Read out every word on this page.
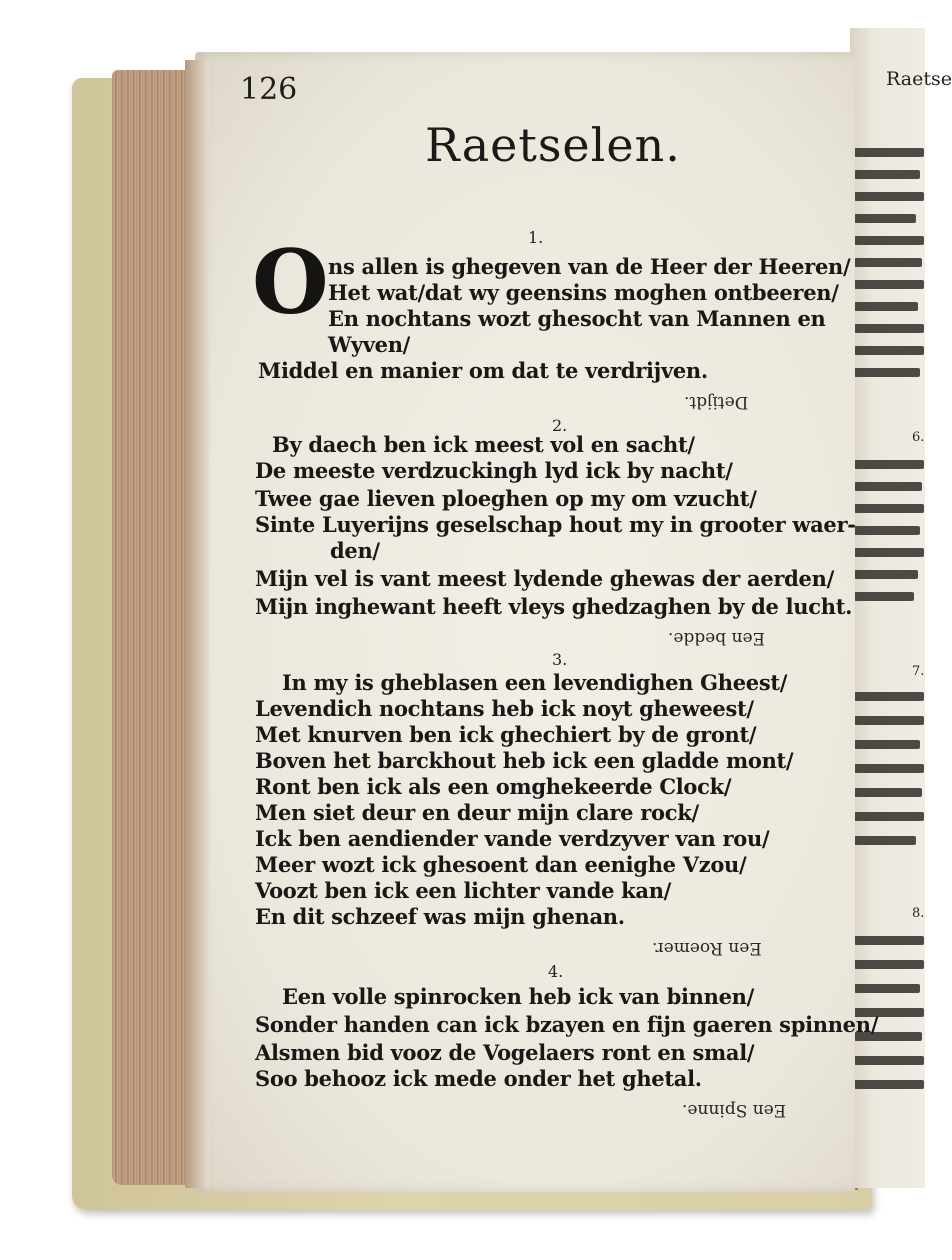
Raetse
6.
7.
8.
126
Raetselen.
1.
O ns allen is ghegeven van de Heer der Heeren/
Het wat/dat wy geensins moghen ontbeeren/
En nochtans wozt ghesocht van Mannen en
Wyven/
Middel en manier om dat te verdrijven.
Detijdt.
2.
By daech ben ick meest vol en sacht/
De meeste verdzuckingh lyd ick by nacht/
Twee gae lieven ploeghen op my om vzucht/
Sinte Luyerijns geselschap hout my in grooter waer-
den/
Mijn vel is vant meest lydende ghewas der aerden/
Mijn inghewant heeft vleys ghedzaghen by de lucht.
Een bedde.
3.
In my is gheblasen een levendighen Gheest/
Levendich nochtans heb ick noyt gheweest/
Met knurven ben ick ghechiert by de gront/
Boven het barckhout heb ick een gladde mont/
Ront ben ick als een omghekeerde Clock/
Men siet deur en deur mijn clare rock/
Ick ben aendiender vande verdzyver van rou/
Meer wozt ick ghesoent dan eenighe Vzou/
Voozt ben ick een lichter vande kan/
En dit schzeef was mijn ghenan.
Een Roemer.
4.
Een volle spinrocken heb ick van binnen/
Sonder handen can ick bzayen en fijn gaeren spinnen/
Alsmen bid vooz de Vogelaers ront en smal/
Soo behooz ick mede onder het ghetal.
Een Spinne.
